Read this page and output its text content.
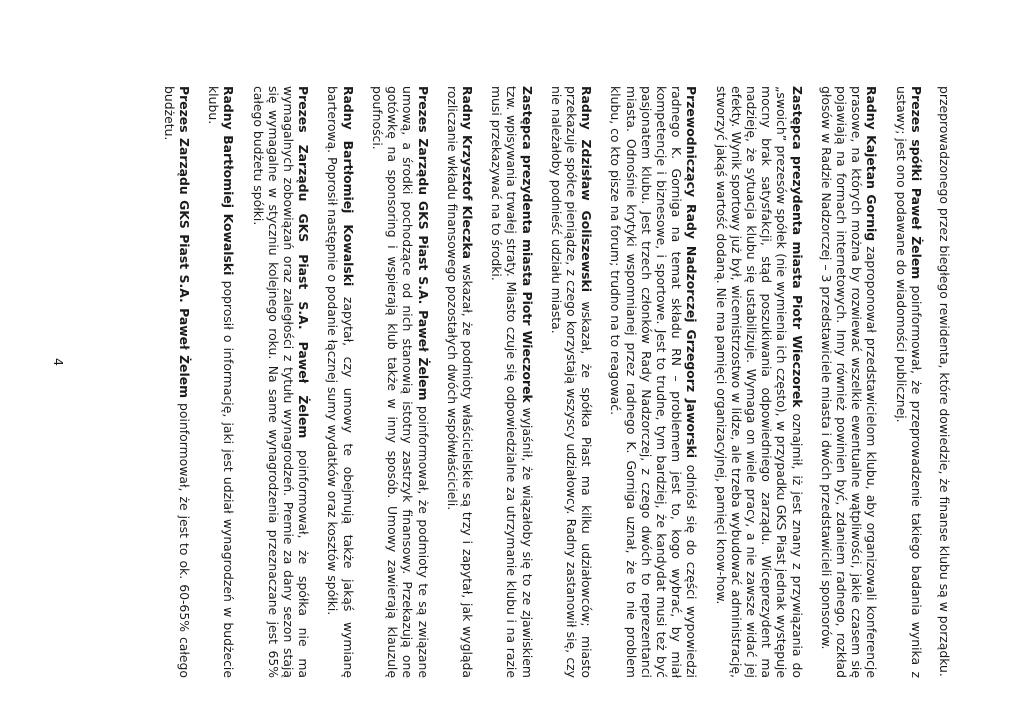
przeprowadzonego przez biegłego rewidenta, które dowiedzie, że finanse klubu są w porządku.

Prezes spółki Paweł Żelem poinformował, że przeprowadzenie takiego badania wynika z ustawy; jest ono podawane do wiadomości publicznej.

Radny Kajetan Gornig zaproponował przedstawicielom klubu, aby organizowali konferencje prasowe, na których można by rozwiewać wszelkie ewentualne wątpliwości, jakie czasem się pojawiają na formach internetowych. Inny również powinien być, zdaniem radnego, rozkład głosów w Radzie Nadzorczej – 3 przedstawiciele miasta i dwóch przedstawicieli sponsorów.

Zastępca prezydenta miasta Piotr Wieczorek oznajmił, iż jest znany z przywiązania do „swoich” prezesów spółek (nie wymienia ich często), w przypadku GKS Piast jednak występuje mocny brak satysfakcji, stąd poszukiwania odpowiedniego zarządu. Wiceprezydent ma nadzieję, że sytuacja klubu się ustabilizuje. Wymaga on wiele pracy, a nie zawsze widać jej efekty. Wynik sportowy już był, wicemistrzostwo w lidze, ale trzeba wybudować administrację, stworzyć jakąś wartość dodaną. Nie ma pamięci organizacyjnej, pamięci know-how.

Przewodniczący Rady Nadzorczej Grzegorz Jaworski odniósł się do części wypowiedzi radnego K. Gorniga na temat składu RN – problemem jest to, kogo wybrać, by miał kompetencje i biznesowe, i sportowe. Jest to trudne, tym bardziej, że kandydat musi też być pasjonatem klubu. Jest trzech członków Rady Nadzorczej, z czego dwóch to reprezentanci miasta. Odnośnie krytyki wspomnianej przez radnego K. Gorniga uznał, że to nie problem klubu, co kto pisze na forum; trudno na to reagować.

Radny Zdzisław Goliszewski wskazał, że spółka Piast ma kilku udziałowców; miasto przekazuje spółce pieniądze, z czego korzystają wszyscy udziałowcy. Radny zastanowił się, czy nie należałoby podnieść udziału miasta.

Zastępca prezydenta miasta Piotr Wieczorek wyjaśnił, że wiązałoby się to ze zjawiskiem tzw. wpisywania trwałej straty. Miasto czuje się odpowiedzialne za utrzymanie klubu i na razie musi przekazywać na to środki.

Radny Krzysztof Kleczka wskazał, że podmioty właścicielskie są trzy i zapytał, jak wygląda rozliczanie wkładu finansowego pozostałych dwóch współwłaścicieli.

Prezes Zarządu GKS Piast S.A. Paweł Żelem poinformował, że podmioty te są związane umową, a środki pochodzące od nich stanowią istotny zastrzyk finansowy. Przekazują one gotówkę na sponsoring i wspierają klub także w inny sposób. Umowy zawierają klauzulę poufności.

Radny Bartłomiej Kowalski zapytał, czy umowy te obejmują także jakąś wymianę barterową. Poprosił następnie o podanie łącznej sumy wydatków oraz kosztów spółki.

Prezes Zarządu GKS Piast S.A. Paweł Żelem poinformował, że spółka nie ma wymagalnych zobowiązań oraz zaległości z tytułu wynagrodzeń. Premie za dany sezon stają się wymagalne w styczniu kolejnego roku. Na same wynagrodzenia przeznaczane jest 65% całego budżetu spółki.

Radny Bartłomiej Kowalski poprosił o informację, jaki jest udział wynagrodzeń w budżecie klubu.

Prezes Zarządu GKS Piast S.A. Paweł Żelem poinformował, że jest to ok. 60-65% całego budżetu.

4
